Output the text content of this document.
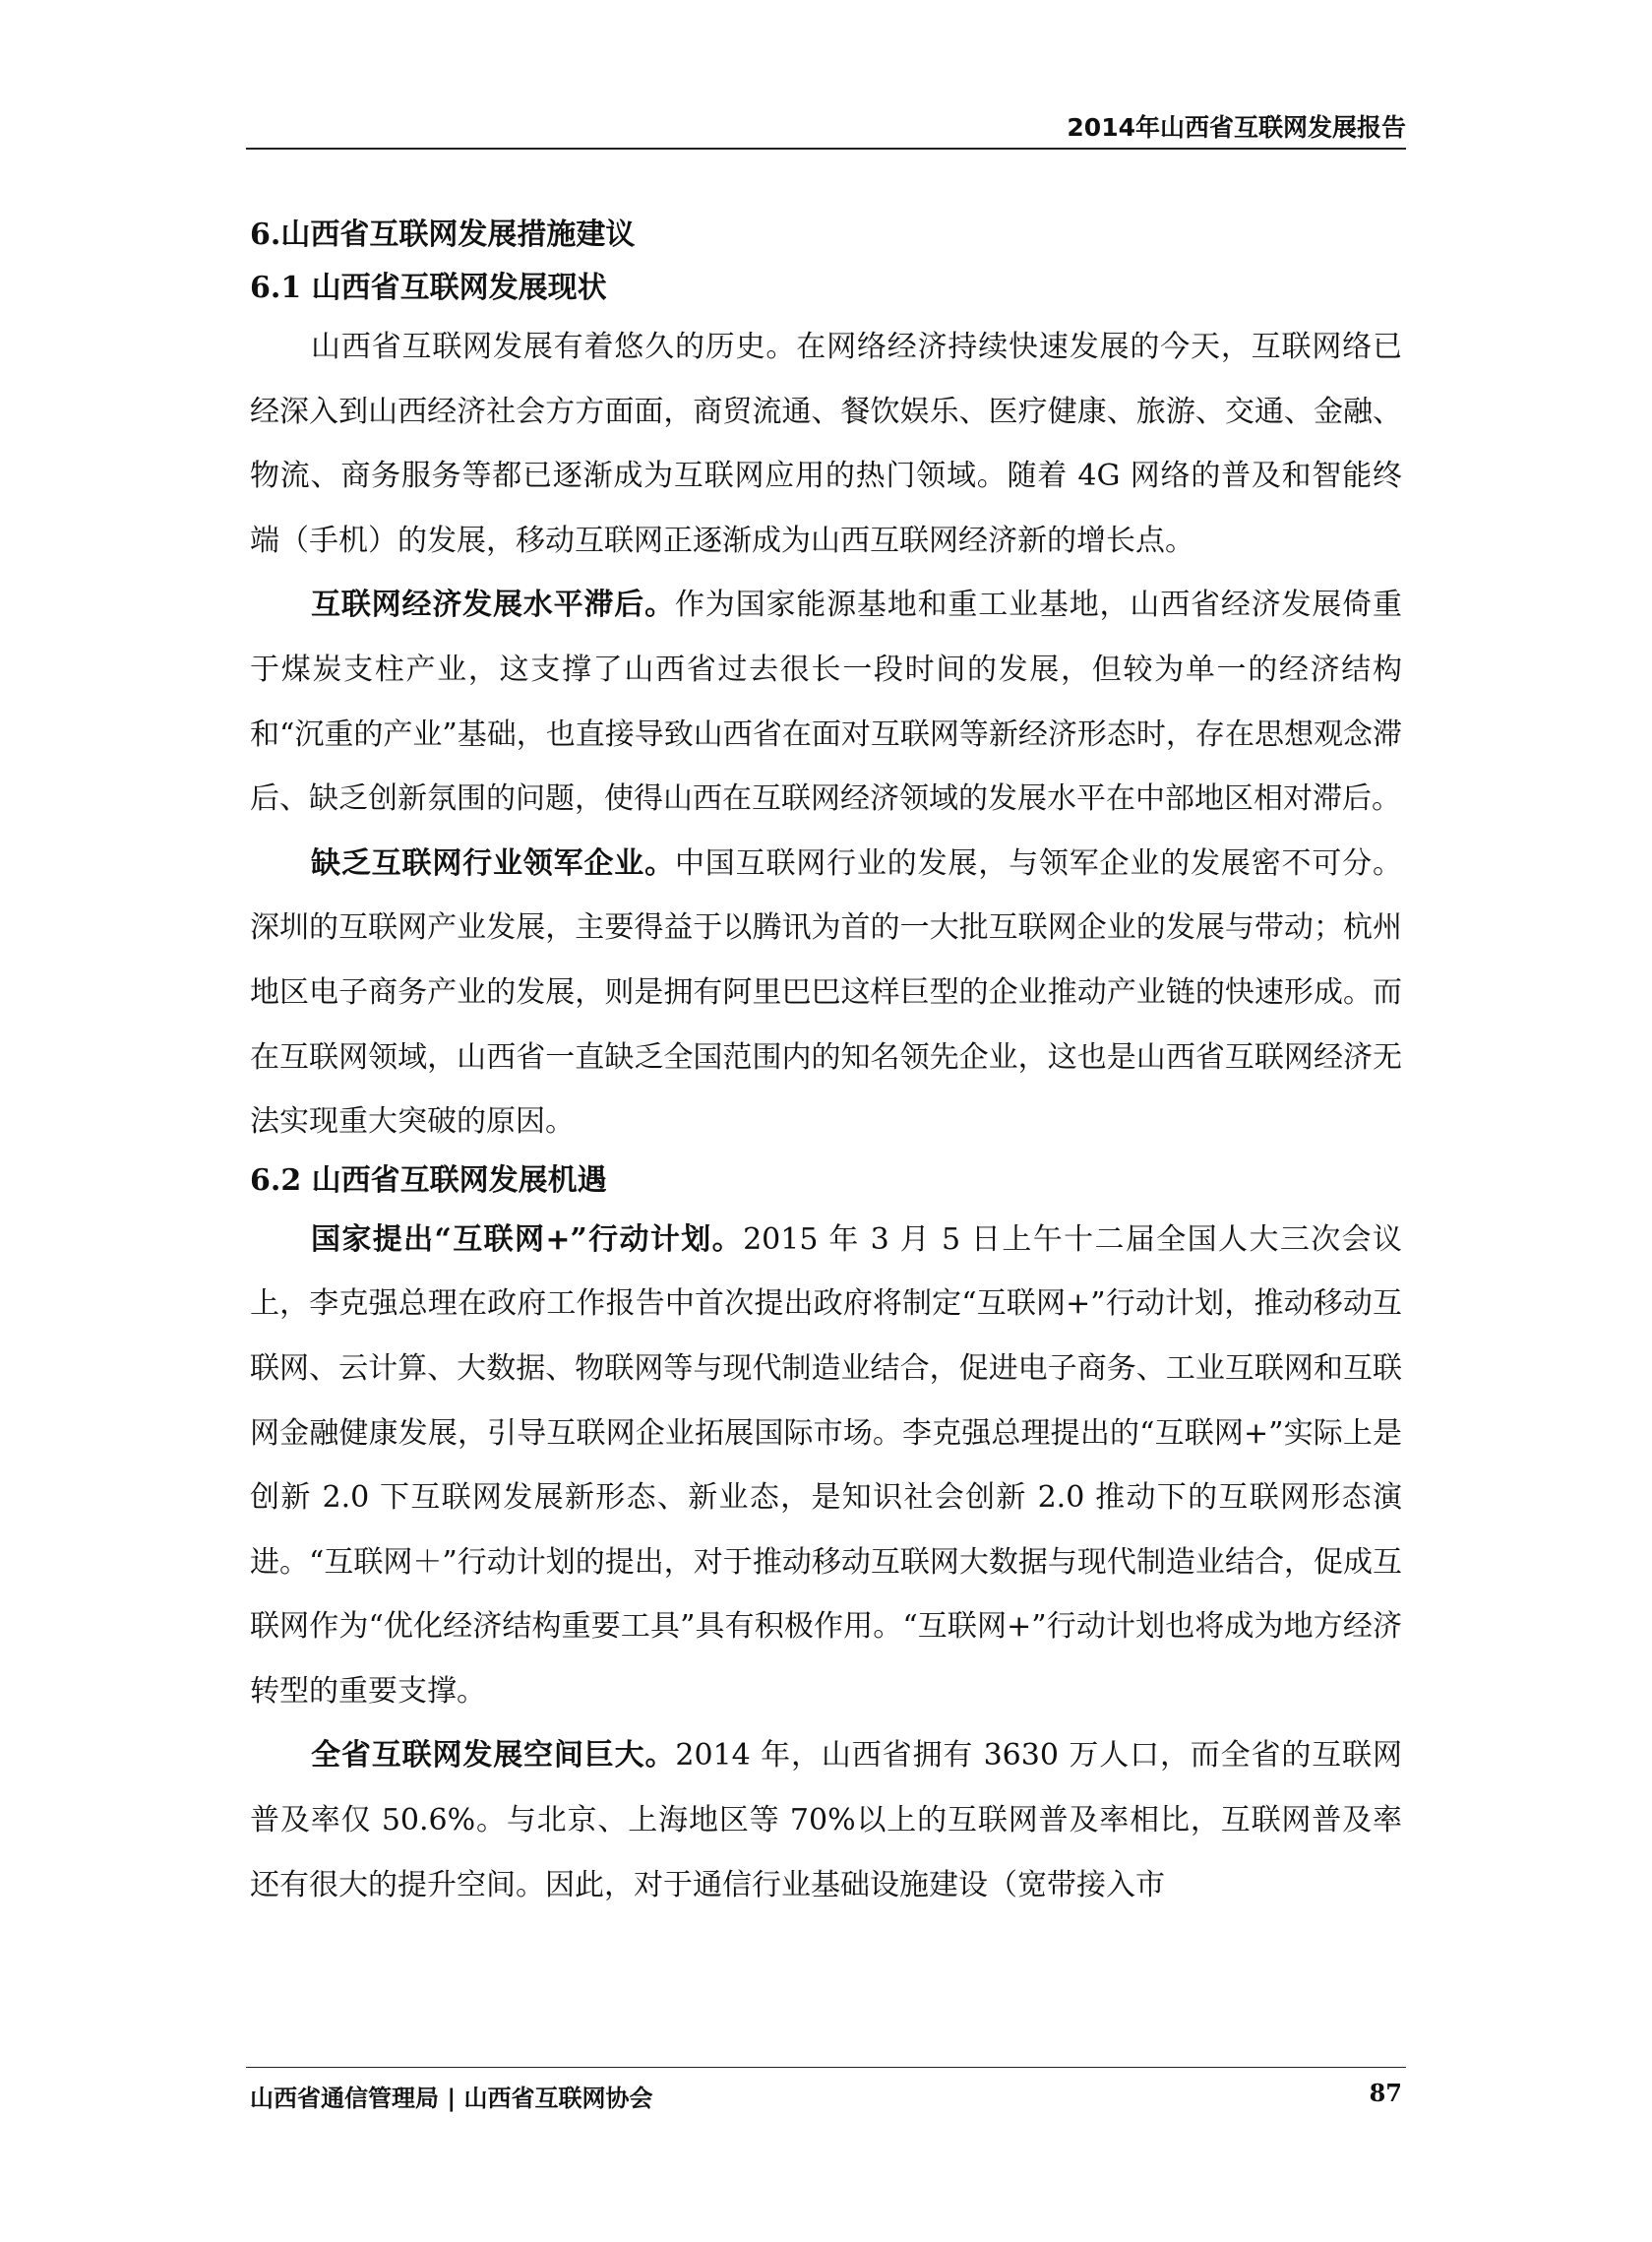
2014年山西省互联网发展报告
6.山西省互联网发展措施建议
6.1 山西省互联网发展现状

山西省互联网发展有着悠久的历史。在网络经济持续快速发展的今天，互联网络已经深入到山西经济社会方方面面，商贸流通、餐饮娱乐、医疗健康、旅游、交通、金融、物流、商务服务等都已逐渐成为互联网应用的热门领域。随着 4G 网络的普及和智能终端（手机）的发展，移动互联网正逐渐成为山西互联网经济新的增长点。

互联网经济发展水平滞后。作为国家能源基地和重工业基地，山西省经济发展倚重于煤炭支柱产业，这支撑了山西省过去很长一段时间的发展，但较为单一的经济结构和“沉重的产业”基础，也直接导致山西省在面对互联网等新经济形态时，存在思想观念滞后、缺乏创新氛围的问题，使得山西在互联网经济领域的发展水平在中部地区相对滞后。

缺乏互联网行业领军企业。中国互联网行业的发展，与领军企业的发展密不可分。深圳的互联网产业发展，主要得益于以腾讯为首的一大批互联网企业的发展与带动；杭州地区电子商务产业的发展，则是拥有阿里巴巴这样巨型的企业推动产业链的快速形成。而在互联网领域，山西省一直缺乏全国范围内的知名领先企业，这也是山西省互联网经济无法实现重大突破的原因。

6.2 山西省互联网发展机遇

国家提出“互联网+”行动计划。2015 年 3 月 5 日上午十二届全国人大三次会议上，李克强总理在政府工作报告中首次提出政府将制定“互联网+”行动计划，推动移动互联网、云计算、大数据、物联网等与现代制造业结合，促进电子商务、工业互联网和互联网金融健康发展，引导互联网企业拓展国际市场。李克强总理提出的“互联网+”实际上是创新 2.0 下互联网发展新形态、新业态，是知识社会创新 2.0 推动下的互联网形态演进。“互联网＋”行动计划的提出，对于推动移动互联网大数据与现代制造业结合，促成互联网作为“优化经济结构重要工具”具有积极作用。“互联网+”行动计划也将成为地方经济转型的重要支撑。

全省互联网发展空间巨大。2014 年，山西省拥有 3630 万人口，而全省的互联网普及率仅 50.6%。与北京、上海地区等 70%以上的互联网普及率相比，互联网普及率还有很大的提升空间。因此，对于通信行业基础设施建设（宽带接入市

山西省通信管理局 | 山西省互联网协会	87
